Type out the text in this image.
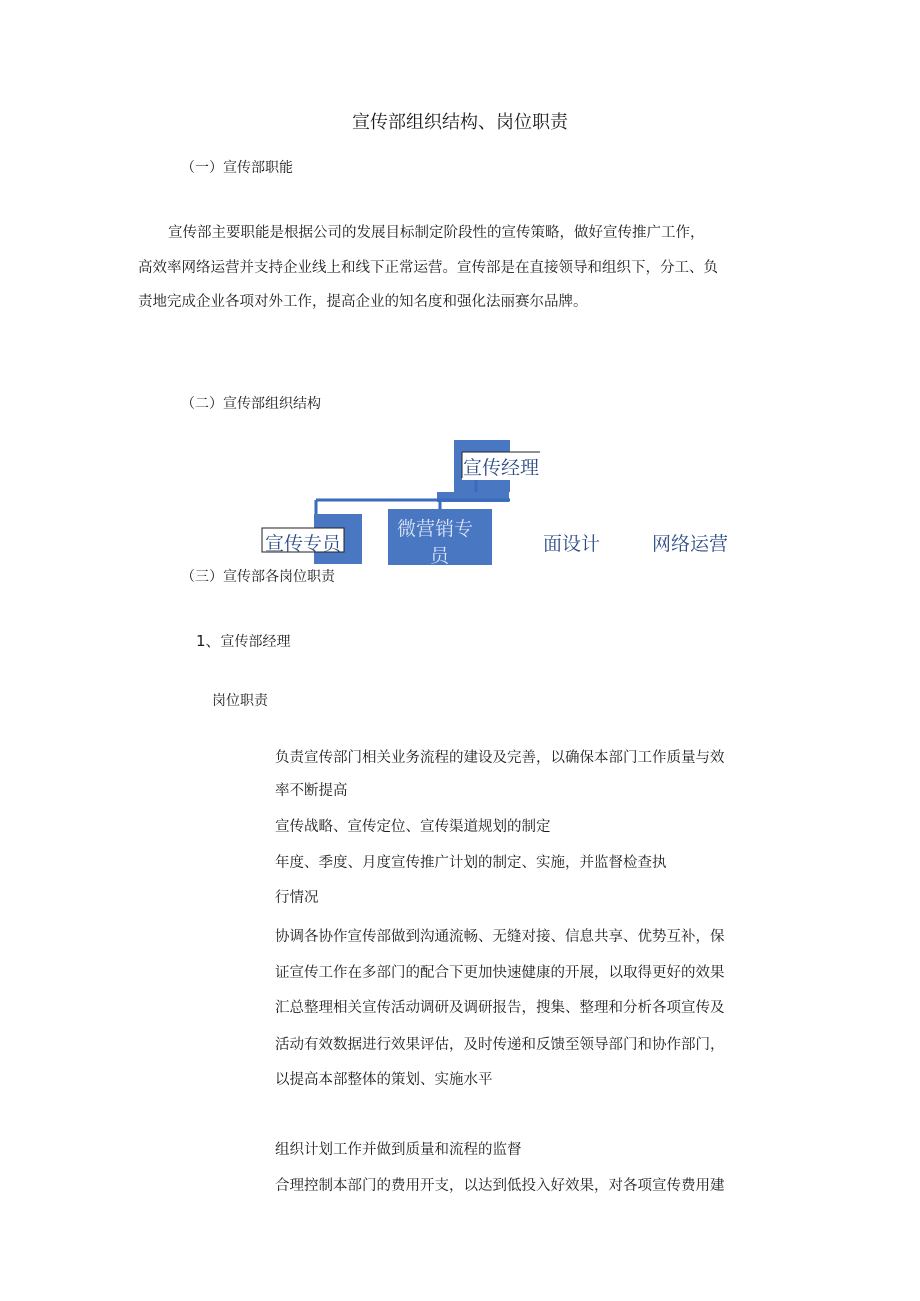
宣传部组织结构、岗位职责
（一）宣传部职能
宣传部主要职能是根据公司的发展目标制定阶段性的宣传策略，做好宣传推广工作，
高效率网络运营并支持企业线上和线下正常运营。宣传部是在直接领导和组织下，分工、负
责地完成企业各项对外工作，提高企业的知名度和强化法丽赛尔品牌。
（二）宣传部组织结构
宣传经理
宣传专员
微营销专
员
面设计	网络运营
（三）宣传部各岗位职责
1、宣传部经理
岗位职责
负责宣传部门相关业务流程的建设及完善，以确保本部门工作质量与效
率不断提高
宣传战略、宣传定位、宣传渠道规划的制定
年度、季度、月度宣传推广计划的制定、实施，并监督检查执
行情况
协调各协作宣传部做到沟通流畅、无缝对接、信息共享、优势互补，保
证宣传工作在多部门的配合下更加快速健康的开展，以取得更好的效果
汇总整理相关宣传活动调研及调研报告，搜集、整理和分析各项宣传及
活动有效数据进行效果评估，及时传递和反馈至领导部门和协作部门，
以提高本部整体的策划、实施水平
组织计划工作并做到质量和流程的监督
合理控制本部门的费用开支，以达到低投入好效果，对各项宣传费用建
